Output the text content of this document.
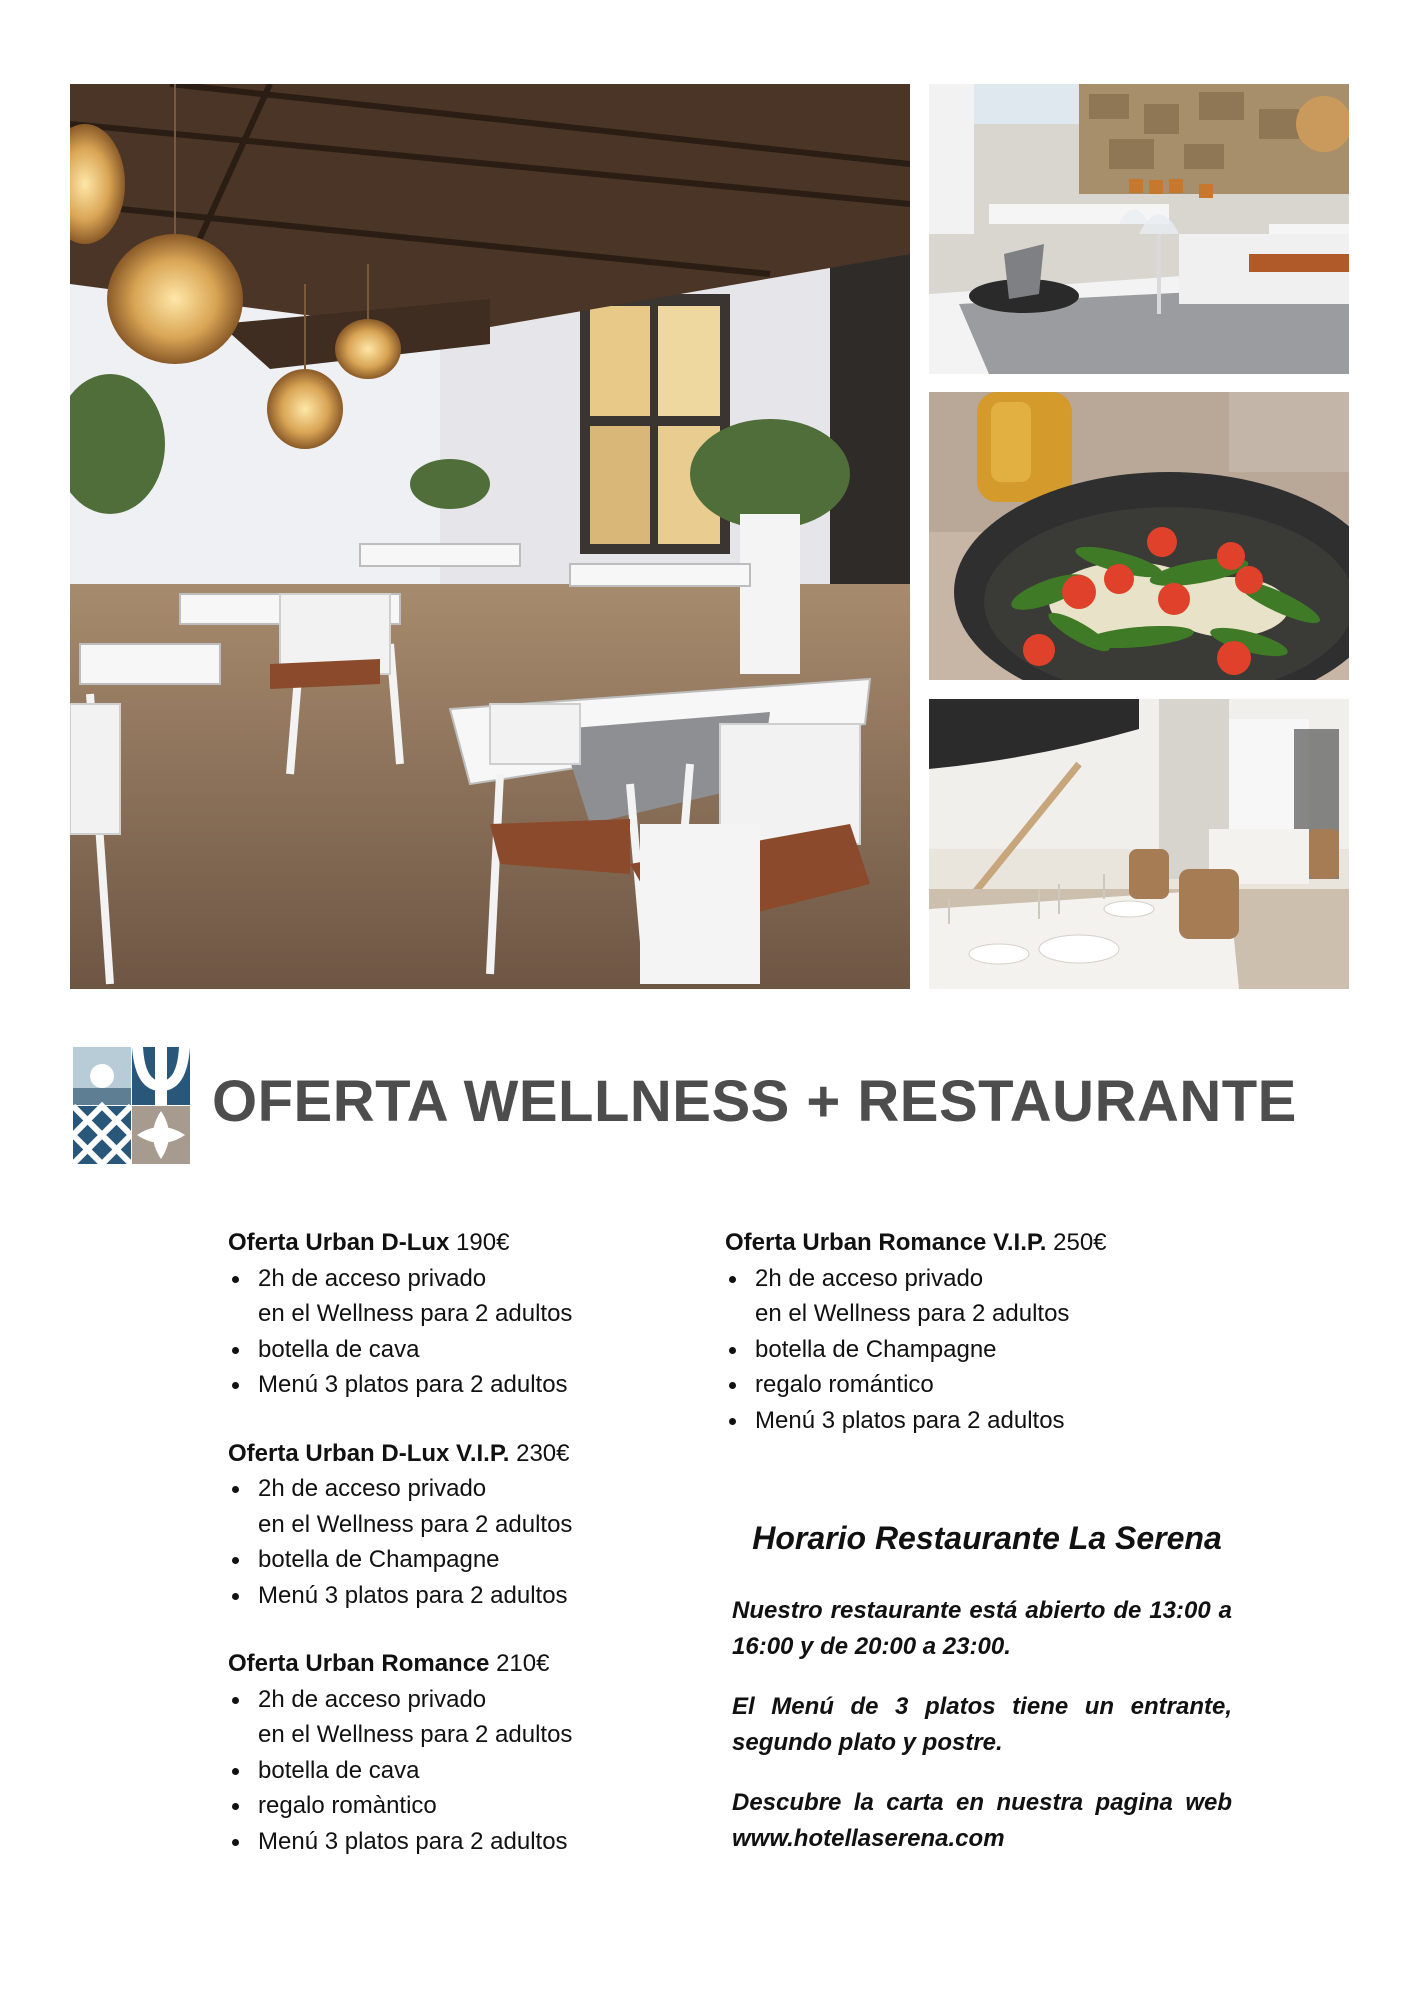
OFERTA WELLNESS + RESTAURANTE
Oferta Urban D-Lux 190€
2h de acceso privado
en el Wellness para 2 adultos
botella de cava
Menú 3 platos para 2 adultos
Oferta Urban D-Lux V.I.P. 230€
2h de acceso privado
en el Wellness para 2 adultos
botella de Champagne
Menú 3 platos para 2 adultos
Oferta Urban Romance 210€
2h de acceso privado
en el Wellness para 2 adultos
botella de cava
regalo romàntico
Menú 3 platos para 2 adultos
Oferta Urban Romance V.I.P. 250€
2h de acceso privado
en el Wellness para 2 adultos
botella de Champagne
regalo romántico
Menú 3 platos para 2 adultos
Horario Restaurante La Serena

Nuestro restaurante está abierto de 13:00 a 16:00 y de 20:00 a 23:00.

El Menú de 3 platos tiene un entrante, segundo plato y postre.

Descubre la carta en nuestra pagina web www.hotellaserena.com
